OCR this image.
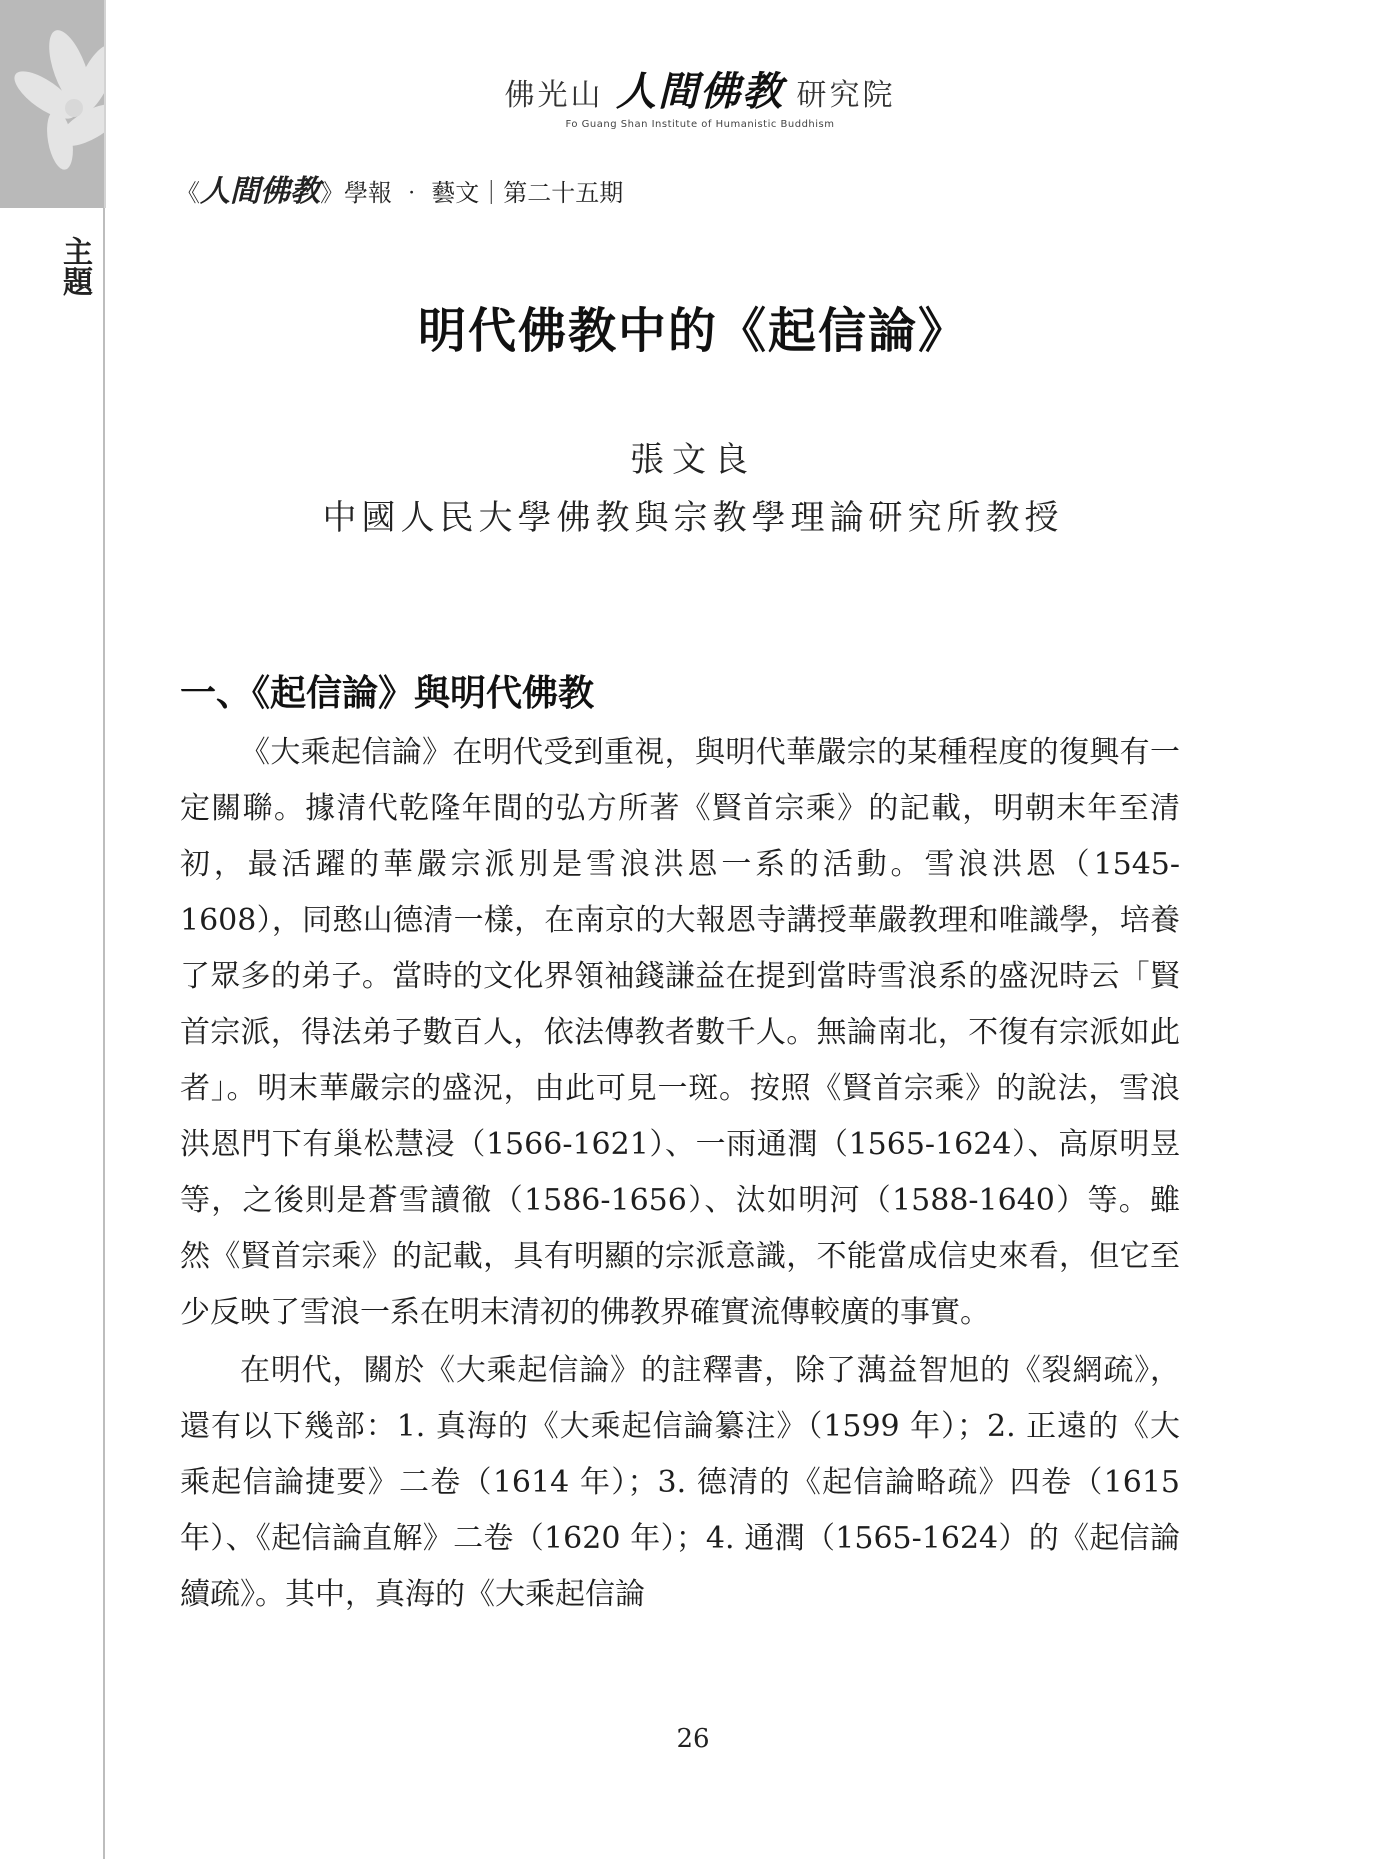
主題
佛光山 人間佛教 研究院
Fo Guang Shan Institute of Humanistic Buddhism
《人間佛教》學報 ‧ 藝文｜第二十五期
明代佛教中的《起信論》
張文良
中國人民大學佛教與宗教學理論研究所教授
一、《起信論》與明代佛教

《大乘起信論》在明代受到重視，與明代華嚴宗的某種程度的復興有一定關聯。據清代乾隆年間的弘方所著《賢首宗乘》的記載，明朝末年至清初，最活躍的華嚴宗派別是雪浪洪恩一系的活動。雪浪洪恩（1545-1608），同憨山德清一樣，在南京的大報恩寺講授華嚴教理和唯識學，培養了眾多的弟子。當時的文化界領袖錢謙益在提到當時雪浪系的盛況時云「賢首宗派，得法弟子數百人，依法傳教者數千人。無論南北，不復有宗派如此者」。明末華嚴宗的盛況，由此可見一斑。按照《賢首宗乘》的說法，雪浪洪恩門下有巢松慧浸（1566-1621）、一雨通潤（1565-1624）、高原明昱等，之後則是蒼雪讀徹（1586-1656）、汰如明河（1588-1640）等。雖然《賢首宗乘》的記載，具有明顯的宗派意識，不能當成信史來看，但它至少反映了雪浪一系在明末清初的佛教界確實流傳較廣的事實。

在明代，關於《大乘起信論》的註釋書，除了蕅益智旭的《裂網疏》，還有以下幾部：1. 真海的《大乘起信論纂注》（1599 年）；2. 正遠的《大乘起信論捷要》二卷（1614 年）；3. 德清的《起信論略疏》四卷（1615 年）、《起信論直解》二卷（1620 年）；4. 通潤（1565-1624）的《起信論續疏》。其中，真海的《大乘起信論

26
